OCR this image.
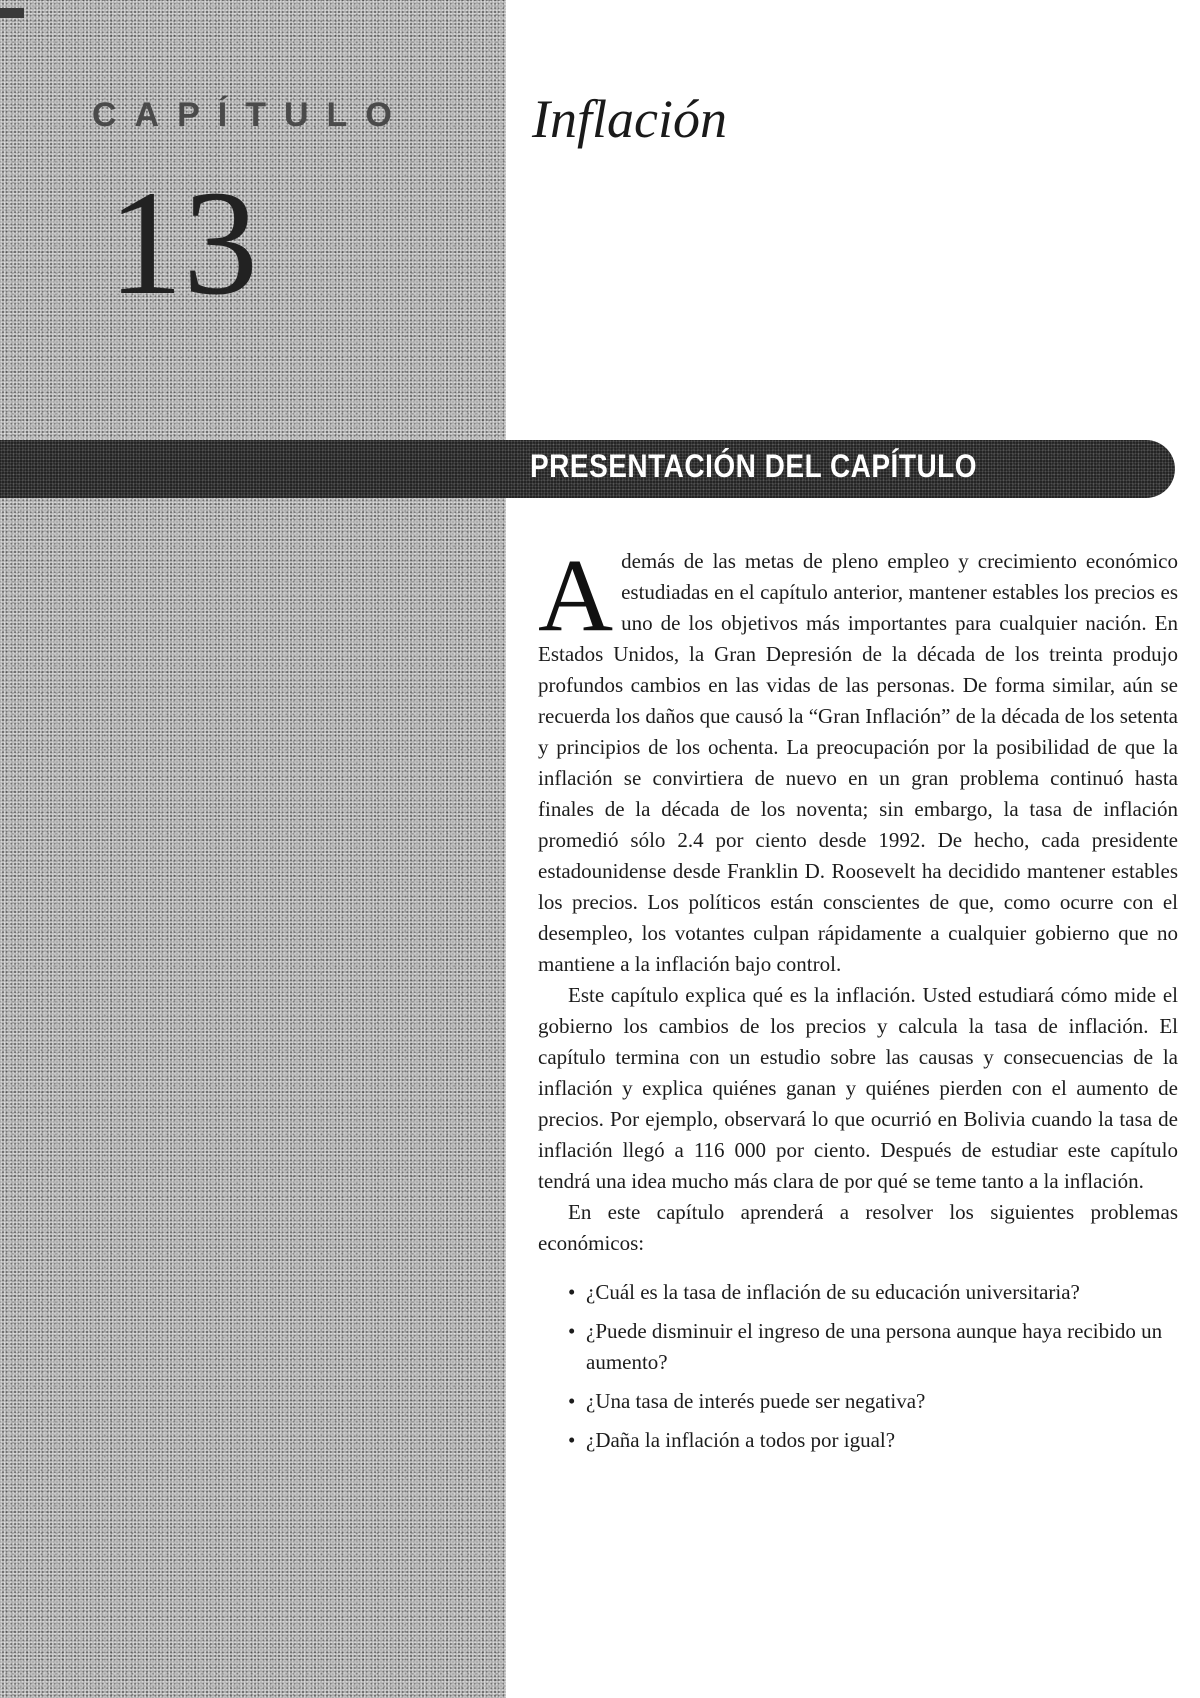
CAPÍTULO
13
Inflación
PRESENTACIÓN DEL CAPÍTULO

Además de las metas de pleno empleo y crecimiento económico estudiadas en el capítulo anterior, mantener estables los precios es uno de los objetivos más importantes para cualquier nación. En Estados Unidos, la Gran Depresión de la década de los treinta produjo profundos cambios en las vidas de las personas. De forma similar, aún se recuerda los daños que causó la “Gran Inflación” de la década de los setenta y principios de los ochenta. La preocupación por la posibilidad de que la inflación se convirtiera de nuevo en un gran problema continuó hasta finales de la década de los noventa; sin embargo, la tasa de inflación promedió sólo 2.4 por ciento desde 1992. De hecho, cada presidente estadounidense desde Franklin D. Roosevelt ha decidido mantener estables los precios. Los políticos están conscientes de que, como ocurre con el desempleo, los votantes culpan rápidamente a cualquier gobierno que no mantiene a la inflación bajo control.

Este capítulo explica qué es la inflación. Usted estudiará cómo mide el gobierno los cambios de los precios y calcula la tasa de inflación. El capítulo termina con un estudio sobre las causas y consecuencias de la inflación y explica quiénes ganan y quiénes pierden con el aumento de precios. Por ejemplo, observará lo que ocurrió en Bolivia cuando la tasa de inflación llegó a 116 000 por ciento. Después de estudiar este capítulo tendrá una idea mucho más clara de por qué se teme tanto a la inflación.

En este capítulo aprenderá a resolver los siguientes problemas económicos:

• ¿Cuál es la tasa de inflación de su educación universitaria?
• ¿Puede disminuir el ingreso de una persona aunque haya recibido un aumento?
• ¿Una tasa de interés puede ser negativa?
• ¿Daña la inflación a todos por igual?
